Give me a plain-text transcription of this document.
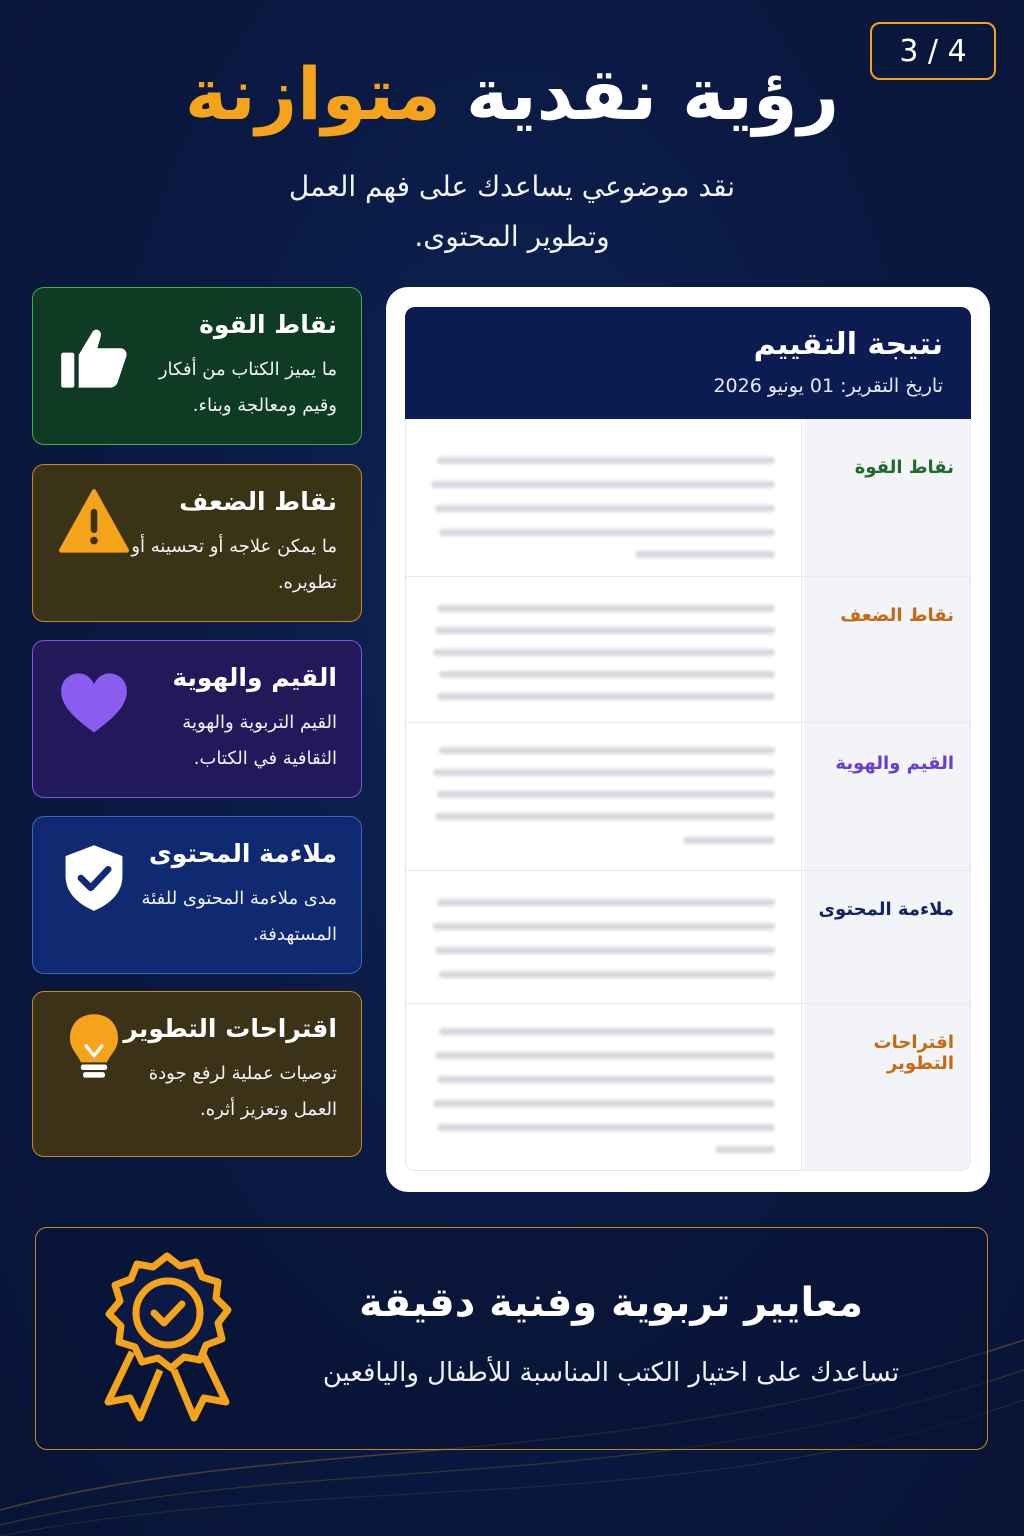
3 / 4
رؤية نقدية متوازنة
نقد موضوعي يساعدك على فهم العمل وتطوير المحتوى.
نقاط القوة
ما يميز الكتاب من أفكار وقيم ومعالجة وبناء.
نقاط الضعف
ما يمكن علاجه أو تحسينه أو تطويره.
القيم والهوية
القيم التربوية والهوية الثقافية في الكتاب.
ملاءمة المحتوى
مدى ملاءمة المحتوى للفئة المستهدفة.
اقتراحات التطوير
توصيات عملية لرفع جودة العمل وتعزيز أثره.
نتيجة التقييم
تاريخ التقرير: 01 يونيو 2026
نقاط القوة
نقاط الضعف
القيم والهوية
ملاءمة المحتوى
اقتراحات التطوير
معايير تربوية وفنية دقيقة
تساعدك على اختيار الكتب المناسبة للأطفال واليافعين
